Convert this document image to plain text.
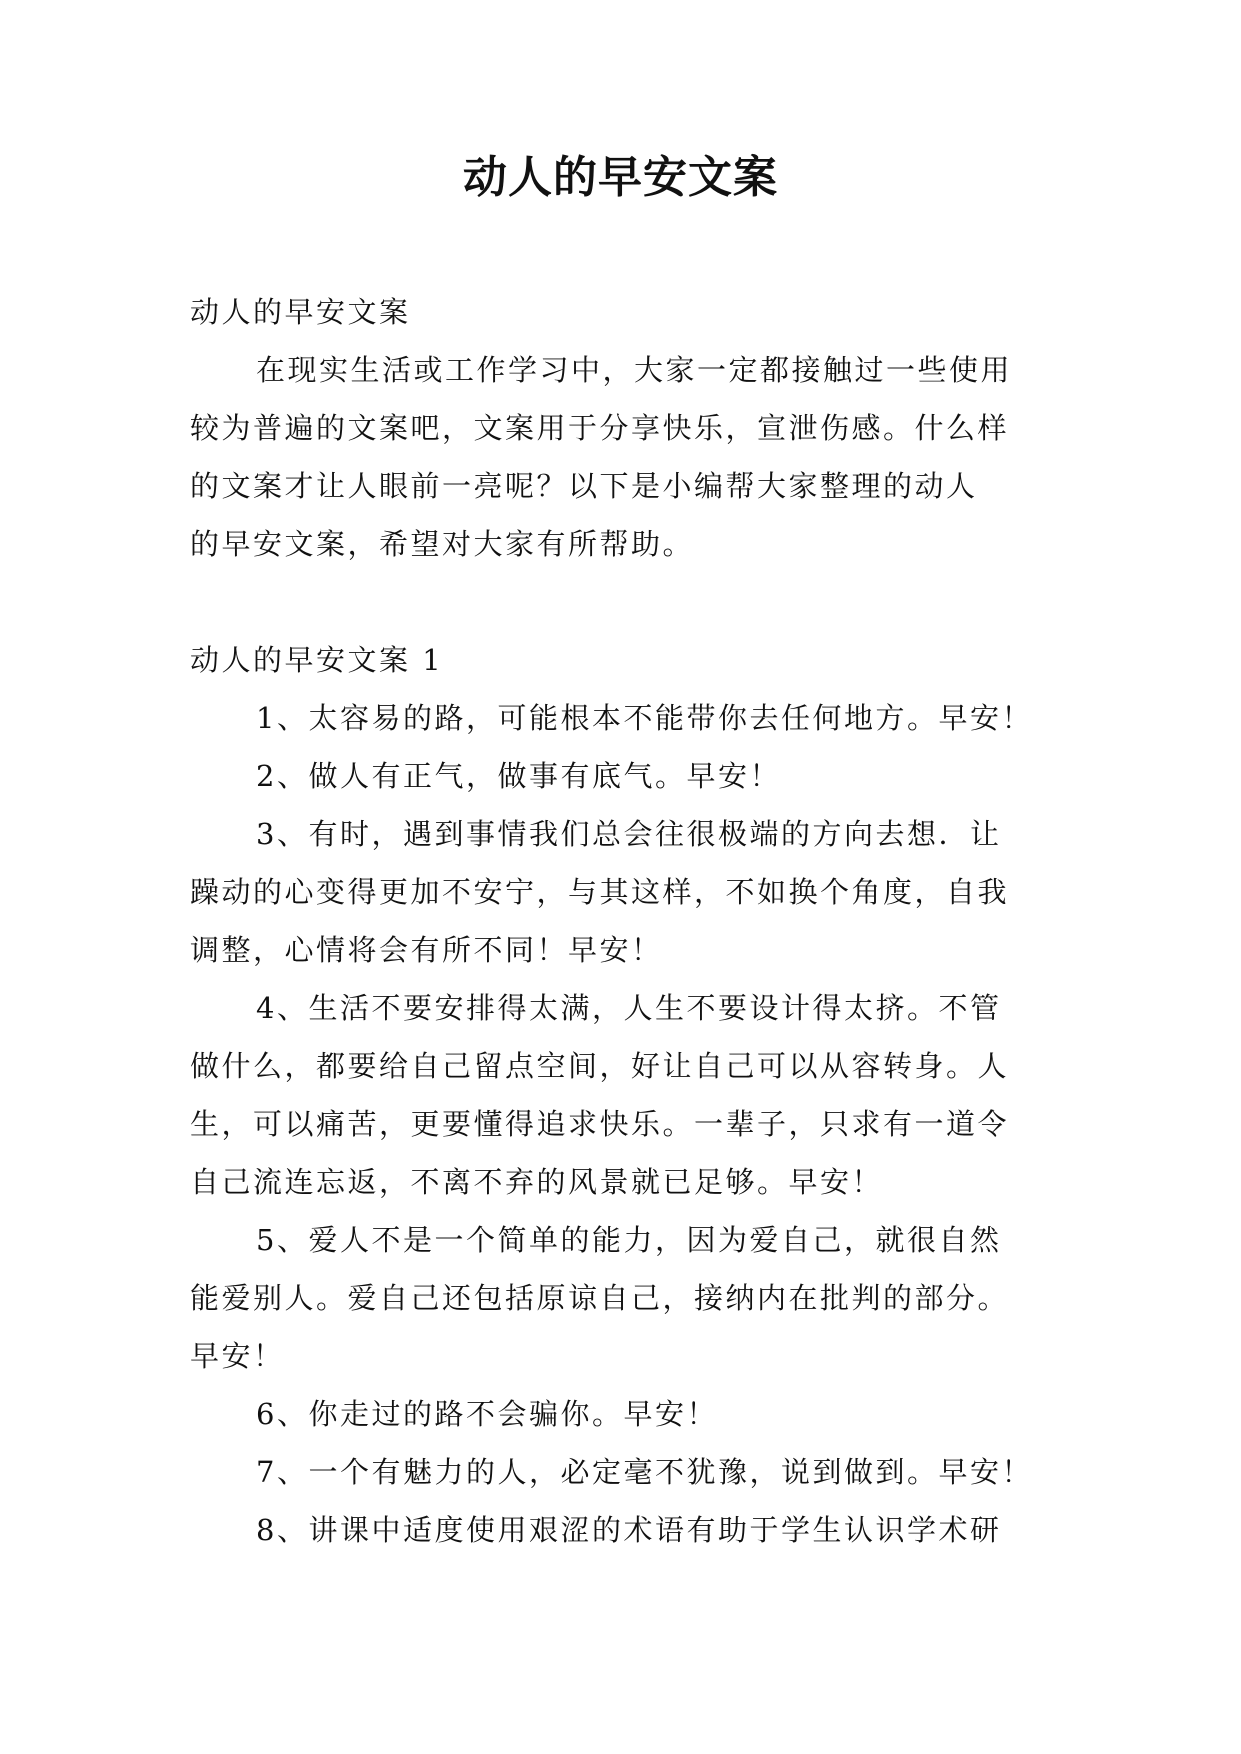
动人的早安文案

动人的早安文案

在现实生活或工作学习中，大家一定都接触过一些使用

较为普遍的文案吧，文案用于分享快乐，宣泄伤感。什么样

的文案才让人眼前一亮呢？以下是小编帮大家整理的动人

的早安文案，希望对大家有所帮助。

动人的早安文案 1

1、太容易的路，可能根本不能带你去任何地方。早安！

2、做人有正气，做事有底气。早安！

3、有时，遇到事情我们总会往很极端的方向去想．让

躁动的心变得更加不安宁，与其这样，不如换个角度，自我

调整，心情将会有所不同！早安！

4、生活不要安排得太满，人生不要设计得太挤。不管

做什么，都要给自己留点空间，好让自己可以从容转身。人

生，可以痛苦，更要懂得追求快乐。一辈子，只求有一道令

自己流连忘返，不离不弃的风景就已足够。早安！

5、爱人不是一个简单的能力，因为爱自己，就很自然

能爱别人。爱自己还包括原谅自己，接纳内在批判的部分。

早安！

6、你走过的路不会骗你。早安！

7、一个有魅力的人，必定毫不犹豫，说到做到。早安！

8、讲课中适度使用艰涩的术语有助于学生认识学术研
